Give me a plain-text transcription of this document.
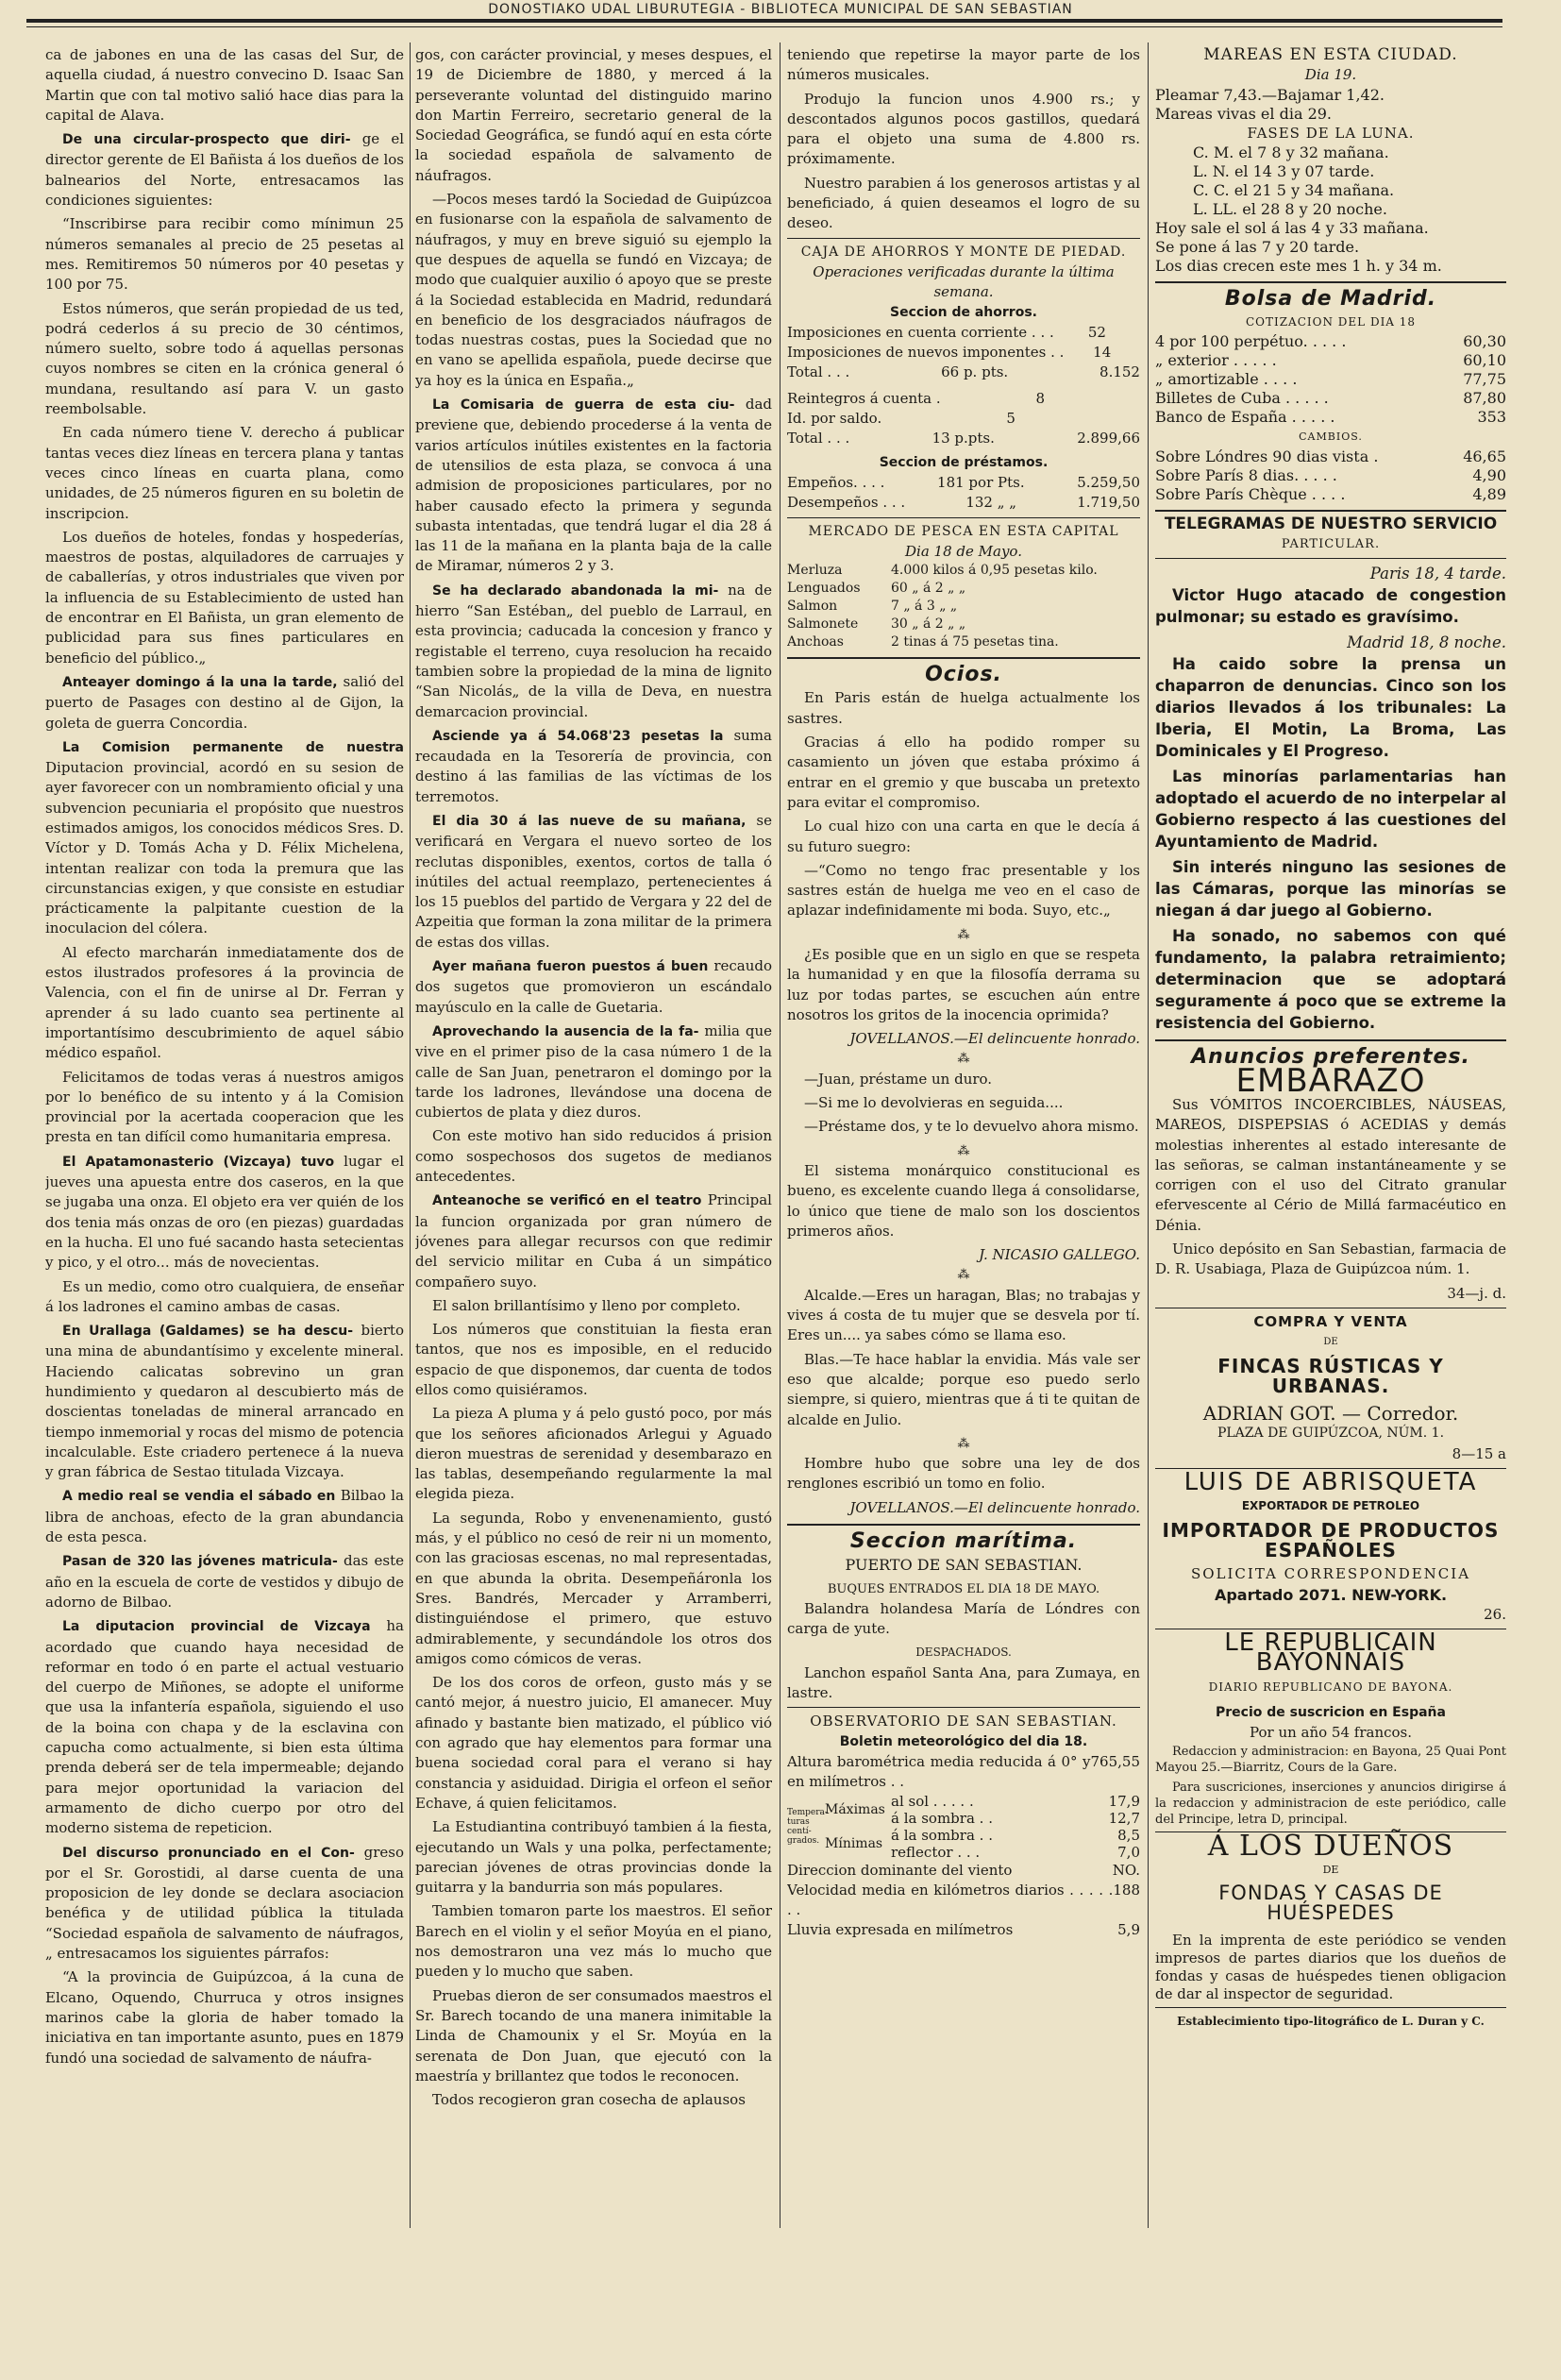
DONOSTIAKO UDAL LIBURUTEGIA - BIBLIOTECA MUNICIPAL DE SAN SEBASTIAN

ca de jabones en una de las casas del Sur, de aquella ciudad, á nuestro convecino D. Isaac San Martin que con tal motivo salió hace dias para la capital de Alava.

De una circular-prospecto que diri- ge el director gerente de El Bañista á los dueños de los balnearios del Norte, entresacamos las condiciones siguientes:

“Inscribirse para recibir como mínimun 25 números semanales al precio de 25 pesetas al mes. Remitiremos 50 números por 40 pesetas y 100 por 75.

Estos números, que serán propiedad de us ted, podrá cederlos á su precio de 30 céntimos, número suelto, sobre todo á aquellas personas cuyos nombres se citen en la crónica general ó mundana, resultando así para V. un gasto reembolsable.

En cada número tiene V. derecho á publicar tantas veces diez líneas en tercera plana y tantas veces cinco líneas en cuarta plana, como unidades, de 25 números figuren en su boletin de inscripcion.

Los dueños de hoteles, fondas y hospederías, maestros de postas, alquiladores de carruajes y de caballerías, y otros industriales que viven por la influencia de su Establecimiento de usted han de encontrar en El Bañista, un gran elemento de publicidad para sus fines particulares en beneficio del público.„

Anteayer domingo á la una la tarde, salió del puerto de Pasages con destino al de Gijon, la goleta de guerra Concordia.

La Comision permanente de nuestra Diputacion provincial, acordó en su sesion de ayer favorecer con un nombramiento oficial y una subvencion pecuniaria el propósito que nuestros estimados amigos, los conocidos médicos Sres. D. Víctor y D. Tomás Acha y D. Félix Michelena, intentan realizar con toda la premura que las circunstancias exigen, y que consiste en estudiar prácticamente la palpitante cuestion de la inoculacion del cólera.

Al efecto marcharán inmediatamente dos de estos ilustrados profesores á la provincia de Valencia, con el fin de unirse al Dr. Ferran y aprender á su lado cuanto sea pertinente al importantísimo descubrimiento de aquel sábio médico español.

Felicitamos de todas veras á nuestros amigos por lo benéfico de su intento y á la Comision provincial por la acertada cooperacion que les presta en tan difícil como humanitaria empresa.

El Apatamonasterio (Vizcaya) tuvo lugar el jueves una apuesta entre dos caseros, en la que se jugaba una onza. El objeto era ver quién de los dos tenia más onzas de oro (en piezas) guardadas en la hucha. El uno fué sacando hasta setecientas y pico, y el otro... más de novecientas.

Es un medio, como otro cualquiera, de enseñar á los ladrones el camino ambas de casas.

En Urallaga (Galdames) se ha descu- bierto una mina de abundantísimo y excelente mineral. Haciendo calicatas sobrevino un gran hundimiento y quedaron al descubierto más de doscientas toneladas de mineral arrancado en tiempo inmemorial y rocas del mismo de potencia incalculable. Este criadero pertenece á la nueva y gran fábrica de Sestao titulada Vizcaya.

A medio real se vendia el sábado en Bilbao la libra de anchoas, efecto de la gran abundancia de esta pesca.

Pasan de 320 las jóvenes matricula- das este año en la escuela de corte de vestidos y dibujo de adorno de Bilbao.

La diputacion provincial de Vizcaya ha acordado que cuando haya necesidad de reformar en todo ó en parte el actual vestuario del cuerpo de Miñones, se adopte el uniforme que usa la infantería española, siguiendo el uso de la boina con chapa y de la esclavina con capucha como actualmente, si bien esta última prenda deberá ser de tela impermeable; dejando para mejor oportunidad la variacion del armamento de dicho cuerpo por otro del moderno sistema de repeticion.

Del discurso pronunciado en el Con- greso por el Sr. Gorostidi, al darse cuenta de una proposicion de ley donde se declara asociacion benéfica y de utilidad pública la titulada “Sociedad española de salvamento de náufragos,„ entresacamos los siguientes párrafos:

“A la provincia de Guipúzcoa, á la cuna de Elcano, Oquendo, Churruca y otros insignes marinos cabe la gloria de haber tomado la iniciativa en tan importante asunto, pues en 1879 fundó una sociedad de salvamento de náufra-

gos, con carácter provincial, y meses despues, el 19 de Diciembre de 1880, y merced á la perseverante voluntad del distinguido marino don Martin Ferreiro, secretario general de la Sociedad Geográfica, se fundó aquí en esta córte la sociedad española de salvamento de náufragos.

—Pocos meses tardó la Sociedad de Guipúzcoa en fusionarse con la española de salvamento de náufragos, y muy en breve siguió su ejemplo la que despues de aquella se fundó en Vizcaya; de modo que cualquier auxilio ó apoyo que se preste á la Sociedad establecida en Madrid, redundará en beneficio de los desgraciados náufragos de todas nuestras costas, pues la Sociedad que no en vano se apellida española, puede decirse que ya hoy es la única en España.„

La Comisaria de guerra de esta ciu- dad previene que, debiendo procederse á la venta de varios artículos inútiles existentes en la factoria de utensilios de esta plaza, se convoca á una admision de proposiciones particulares, por no haber causado efecto la primera y segunda subasta intentadas, que tendrá lugar el dia 28 á las 11 de la mañana en la planta baja de la calle de Miramar, números 2 y 3.

Se ha declarado abandonada la mi- na de hierro “San Estéban„ del pueblo de Larraul, en esta provincia; caducada la concesion y franco y registable el terreno, cuya resolucion ha recaido tambien sobre la propiedad de la mina de lignito “San Nicolás„ de la villa de Deva, en nuestra demarcacion provincial.

Asciende ya á 54.068'23 pesetas la suma recaudada en la Tesorería de provincia, con destino á las familias de las víctimas de los terremotos.

El dia 30 á las nueve de su mañana, se verificará en Vergara el nuevo sorteo de los reclutas disponibles, exentos, cortos de talla ó inútiles del actual reemplazo, pertenecientes á los 15 pueblos del partido de Vergara y 22 del de Azpeitia que forman la zona militar de la primera de estas dos villas.

Ayer mañana fueron puestos á buen recaudo dos sugetos que promovieron un escándalo mayúsculo en la calle de Guetaria.

Aprovechando la ausencia de la fa- milia que vive en el primer piso de la casa número 1 de la calle de San Juan, penetraron el domingo por la tarde los ladrones, llevándose una docena de cubiertos de plata y diez duros.

Con este motivo han sido reducidos á prision como sospechosos dos sugetos de medianos antecedentes.

Anteanoche se verificó en el teatro Principal la funcion organizada por gran número de jóvenes para allegar recursos con que redimir del servicio militar en Cuba á un simpático compañero suyo.

El salon brillantísimo y lleno por completo.

Los números que constituian la fiesta eran tantos, que nos es imposible, en el reducido espacio de que disponemos, dar cuenta de todos ellos como quisiéramos.

La pieza A pluma y á pelo gustó poco, por más que los señores aficionados Arlegui y Aguado dieron muestras de serenidad y desembarazo en las tablas, desempeñando regularmente la mal elegida pieza.

La segunda, Robo y envenenamiento, gustó más, y el público no cesó de reir ni un momento, con las graciosas escenas, no mal representadas, en que abunda la obrita. Desempeñáronla los Sres. Bandrés, Mercader y Arramberri, distinguiéndose el primero, que estuvo admirablemente, y secundándole los otros dos amigos como cómicos de veras.

De los dos coros de orfeon, gusto más y se cantó mejor, á nuestro juicio, El amanecer. Muy afinado y bastante bien matizado, el público vió con agrado que hay elementos para formar una buena sociedad coral para el verano si hay constancia y asiduidad. Dirigia el orfeon el señor Echave, á quien felicitamos.

La Estudiantina contribuyó tambien á la fiesta, ejecutando un Wals y una polka, perfectamente; parecian jóvenes de otras provincias donde la guitarra y la bandurria son más populares.

Tambien tomaron parte los maestros. El señor Barech en el violin y el señor Moyúa en el piano, nos demostraron una vez más lo mucho que pueden y lo mucho que saben.

Pruebas dieron de ser consumados maestros el Sr. Barech tocando de una manera inimitable la Linda de Chamounix y el Sr. Moyúa en la serenata de Don Juan, que ejecutó con la maestría y brillantez que todos le reconocen.

Todos recogieron gran cosecha de aplausos

teniendo que repetirse la mayor parte de los números musicales.

Produjo la funcion unos 4.900 rs.; y descontados algunos pocos gastillos, quedará para el objeto una suma de 4.800 rs. próximamente.

Nuestro parabien á los generosos artistas y al beneficiado, á quien deseamos el logro de su deseo.

CAJA DE AHORROS Y MONTE DE PIEDAD.
Operaciones verificadas durante la última semana.
Seccion de ahorros.
Imposiciones en cuenta corriente . . . 52
Imposiciones de nuevos imponentes . . 14
Total . . .	66 p. pts.	8.152
Reintegros á cuenta .	8
Id. por saldo.	5
Total . . .	13 p.pts.	2.899,66
Seccion de préstamos.
Empeños. . . .	181 por Pts.	5.259,50
Desempeños . . .	132 „ „	1.719,50
MERCADO DE PESCA EN ESTA CAPITAL
Dia 18 de Mayo.
Merluza	4.000 kilos á 0,95 pesetas kilo.
Lenguados	60 „ á 2 „ „
Salmon	7 „ á 3 „ „
Salmonete	30 „ á 2 „ „
Anchoas	2 tinas á 75 pesetas tina.
Ocios.

En Paris están de huelga actualmente los sastres.

Gracias á ello ha podido romper su casamiento un jóven que estaba próximo á entrar en el gremio y que buscaba un pretexto para evitar el compromiso.

Lo cual hizo con una carta en que le decía á su futuro suegro:

—“Como no tengo frac presentable y los sastres están de huelga me veo en el caso de aplazar indefinidamente mi boda. Suyo, etc.„

⁂

¿Es posible que en un siglo en que se respeta la humanidad y en que la filosofía derrama su luz por todas partes, se escuchen aún entre nosotros los gritos de la inocencia oprimida?

JOVELLANOS.—El delincuente honrado.
⁂

—Juan, préstame un duro.

—Si me lo devolvieras en seguida....

—Préstame dos, y te lo devuelvo ahora mismo.

⁂

El sistema monárquico constitucional es bueno, es excelente cuando llega á consolidarse, lo único que tiene de malo son los doscientos primeros años.

J. NICASIO GALLEGO.
⁂

Alcalde.—Eres un haragan, Blas; no trabajas y vives á costa de tu mujer que se desvela por tí. Eres un.... ya sabes cómo se llama eso.

Blas.—Te hace hablar la envidia. Más vale ser eso que alcalde; porque eso puedo serlo siempre, si quiero, mientras que á ti te quitan de alcalde en Julio.

⁂

Hombre hubo que sobre una ley de dos renglones escribió un tomo en folio.

JOVELLANOS.—El delincuente honrado.
Seccion marítima.
PUERTO DE SAN SEBASTIAN.
BUQUES ENTRADOS EL DIA 18 DE MAYO.

Balandra holandesa María de Lóndres con carga de yute.

DESPACHADOS.

Lanchon español Santa Ana, para Zumaya, en lastre.

OBSERVATORIO DE SAN SEBASTIAN.
Boletin meteorológico del dia 18.
Altura barométrica media reducida á 0° y en milímetros . .
765,55
Tempera- turas centí- grados.
Máximas

Mínimas
al sol . . . . .	17,9
á la sombra . .	12,7
á la sombra . .	8,5
reflector . . .	7,0
Direccion dominante del viento	NO.
Velocidad media en kilómetros diarios . . . . . . .
188
Lluvia expresada en milímetros	5,9
MAREAS EN ESTA CIUDAD.
Dia 19.
Pleamar 7,43.—Bajamar 1,42.
Mareas vivas el dia 29.
FASES DE LA LUNA.
C. M. el 7 8 y 32 mañana.
L. N. el 14 3 y 07 tarde.
C. C. el 21 5 y 34 mañana.
L. LL. el 28 8 y 20 noche.
Hoy sale el sol á las 4 y 33 mañana.
Se pone á las 7 y 20 tarde.
Los dias crecen este mes 1 h. y 34 m.
Bolsa de Madrid.
COTIZACION DEL DIA 18
4 por 100 perpétuo. . . . .	60,30
„ exterior . . . . .	60,10
„ amortizable . . . .	77,75
Billetes de Cuba . . . . .	87,80
Banco de España . . . . .	353
CAMBIOS.
Sobre Lóndres 90 dias vista .	46,65
Sobre París 8 dias. . . . .	4,90
Sobre París Chèque . . . .	4,89
TELEGRAMAS DE NUESTRO SERVICIO
PARTICULAR.
Paris 18, 4 tarde.

Victor Hugo atacado de congestion pulmonar; su estado es gravísimo.

Madrid 18, 8 noche.

Ha caido sobre la prensa un chaparron de denuncias. Cinco son los diarios llevados á los tribunales: La Iberia, El Motin, La Broma, Las Dominicales y El Progreso.

Las minorías parlamentarias han adoptado el acuerdo de no interpelar al Gobierno respecto á las cuestiones del Ayuntamiento de Madrid.

Sin interés ninguno las sesiones de las Cámaras, porque las minorías se niegan á dar juego al Gobierno.

Ha sonado, no sabemos con qué fundamento, la palabra retraimiento; determinacion que se adoptará seguramente á poco que se extreme la resistencia del Gobierno.

Anuncios preferentes.
EMBARAZO

Sus VÓMITOS INCOERCIBLES, NÁUSEAS, MAREOS, DISPEPSIAS ó ACEDIAS y demás molestias inherentes al estado interesante de las señoras, se calman instantáneamente y se corrigen con el uso del Citrato granular efervescente al Cério de Millá farmacéutico en Dénia.

Unico depósito en San Sebastian, farmacia de D. R. Usabiaga, Plaza de Guipúzcoa núm. 1.

34—j. d.
COMPRA Y VENTA
DE
FINCAS RÚSTICAS Y URBANAS.
ADRIAN GOT. — Corredor.
PLAZA DE GUIPÚZCOA, NÚM. 1.
8—15 a
LUIS DE ABRISQUETA
EXPORTADOR DE PETROLEO
IMPORTADOR DE PRODUCTOS ESPAÑOLES
SOLICITA CORRESPONDENCIA
Apartado 2071. NEW-YORK.
26.
LE REPUBLICAIN BAYONNAIS
DIARIO REPUBLICANO DE BAYONA.
Precio de suscricion en España
Por un año 54 francos.

Redaccion y administracion: en Bayona, 25 Quai Pont Mayou 25.—Biarritz, Cours de la Gare.

Para suscriciones, inserciones y anuncios dirigirse á la redaccion y administracion de este periódico, calle del Principe, letra D, principal.

Á LOS DUEÑOS
DE
FONDAS Y CASAS DE HUÉSPEDES

En la imprenta de este periódico se venden impresos de partes diarios que los dueños de fondas y casas de huéspedes tienen obligacion de dar al inspector de seguridad.

Establecimiento tipo-litográfico de L. Duran y C.
